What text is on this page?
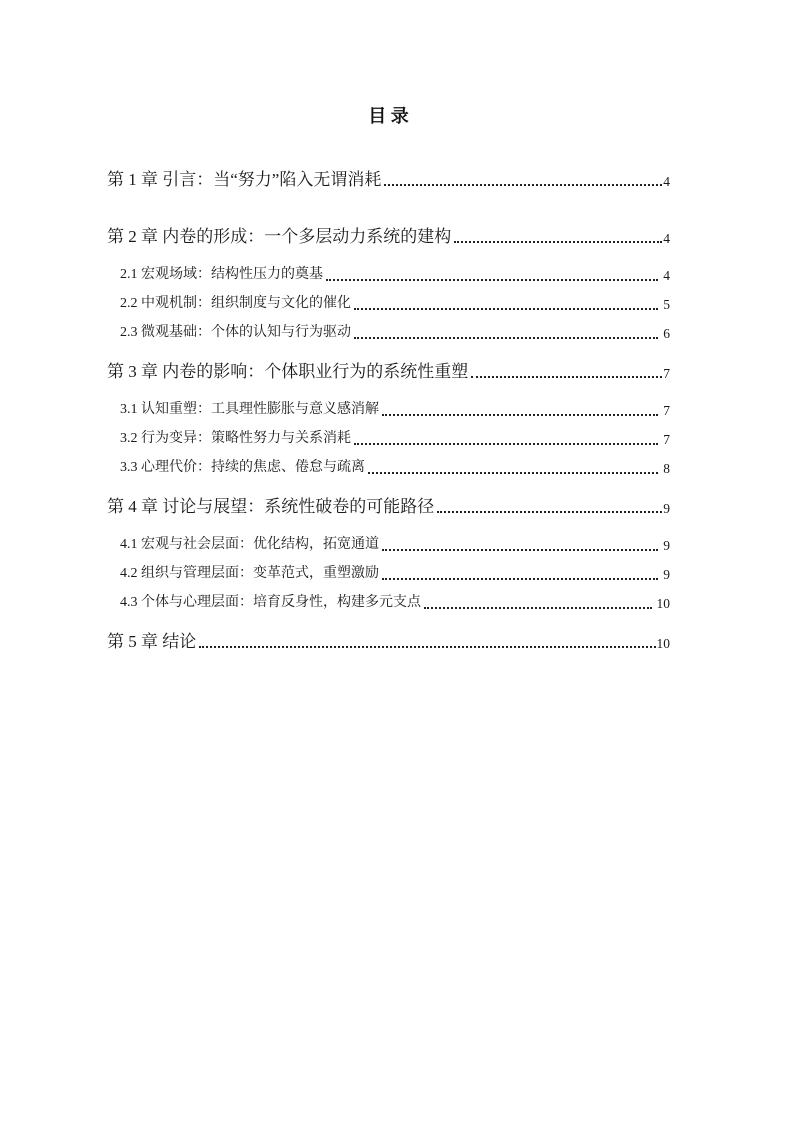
目 录
第 1 章 引言：当“努力”陷入无谓消耗	4
第 2 章 内卷的形成：一个多层动力系统的建构	4
2.1 宏观场域：结构性压力的奠基	4
2.2 中观机制：组织制度与文化的催化	5
2.3 微观基础：个体的认知与行为驱动	6
第 3 章 内卷的影响：个体职业行为的系统性重塑	7
3.1 认知重塑：工具理性膨胀与意义感消解	7
3.2 行为变异：策略性努力与关系消耗	7
3.3 心理代价：持续的焦虑、倦怠与疏离	8
第 4 章 讨论与展望：系统性破卷的可能路径	9
4.1 宏观与社会层面：优化结构，拓宽通道	9
4.2 组织与管理层面：变革范式，重塑激励	9
4.3 个体与心理层面：培育反身性，构建多元支点	10
第 5 章 结论	10
